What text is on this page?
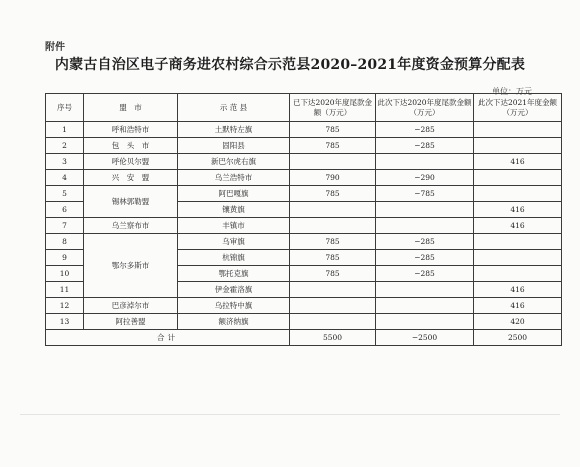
附件
内蒙古自治区电子商务进农村综合示范县2020–2021年度资金预算分配表
单位：万元
序号	盟　市	示 范 县	已下达2020年度尾款金额（万元）	此次下达2020年度尾款金额（万元）	此次下达2021年度金额（万元）
1	呼和浩特市	土默特左旗	785	−285	
2	包　头　市	固阳县	785	−285	
3	呼伦贝尔盟	新巴尔虎右旗			416
4	兴　安　盟	乌兰浩特市	790	−290	
5	锡林郭勒盟	阿巴嘎旗	785	−785	
6		镶黄旗			416
7	乌兰察布市	丰镇市			416
8	鄂尔多斯市	乌审旗	785	−285	
9		杭锦旗	785	−285	
10		鄂托克旗	785	−285	
11		伊金霍洛旗			416
12	巴彦淖尔市	乌拉特中旗			416
13	阿拉善盟	额济纳旗			420
合计			5500	−2500	2500
